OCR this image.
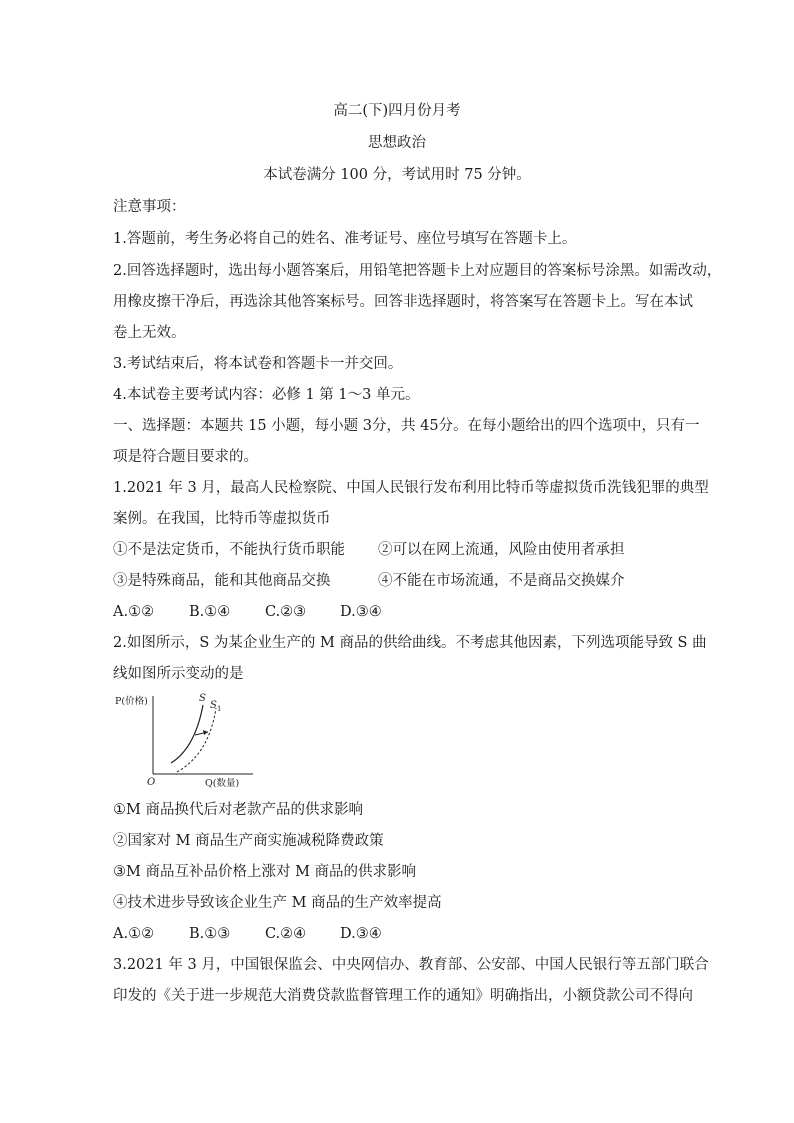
高二(下)四月份月考
思想政治
本试卷满分 100 分，考试用时 75 分钟。
注意事项：
1.答题前，考生务必将自己的姓名、准考证号、座位号填写在答题卡上。
2.回答选择题时，选出每小题答案后，用铅笔把答题卡上对应题目的答案标号涂黑。如需改动，
用橡皮擦干净后，再选涂其他答案标号。回答非选择题时，将答案写在答题卡上。写在本试
卷上无效。
3.考试结束后，将本试卷和答题卡一并交回。
4.本试卷主要考试内容：必修 1 第 1～3 单元。
一、选择题：本题共 15 小题，每小题 3分，共 45分。在每小题给出的四个选项中，只有一
项是符合题目要求的。
1.2021 年 3 月，最高人民检察院、中国人民银行发布利用比特币等虚拟货币洗钱犯罪的典型
案例。在我国，比特币等虚拟货币
①不是法定货币，不能执行货币职能 ②可以在网上流通，风险由使用者承担
③是特殊商品，能和其他商品交换	④不能在市场流通，不是商品交换媒介
A.①② B.①④ C.②③ D.③④
2.如图所示，S 为某企业生产的 M 商品的供给曲线。不考虑其他因素，下列选项能导致 S 曲
线如图所示变动的是
P(价格)	S
S 1
O	Q(数量)
①M 商品换代后对老款产品的供求影响
②国家对 M 商品生产商实施减税降费政策
③M 商品互补品价格上涨对 M 商品的供求影响
④技术进步导致该企业生产 M 商品的生产效率提高
A.①② B.①③ C.②④ D.③④
3.2021 年 3 月，中国银保监会、中央网信办、教育部、公安部、中国人民银行等五部门联合
印发的《关于进一步规范大消费贷款监督管理工作的通知》明确指出，小额贷款公司不得向
